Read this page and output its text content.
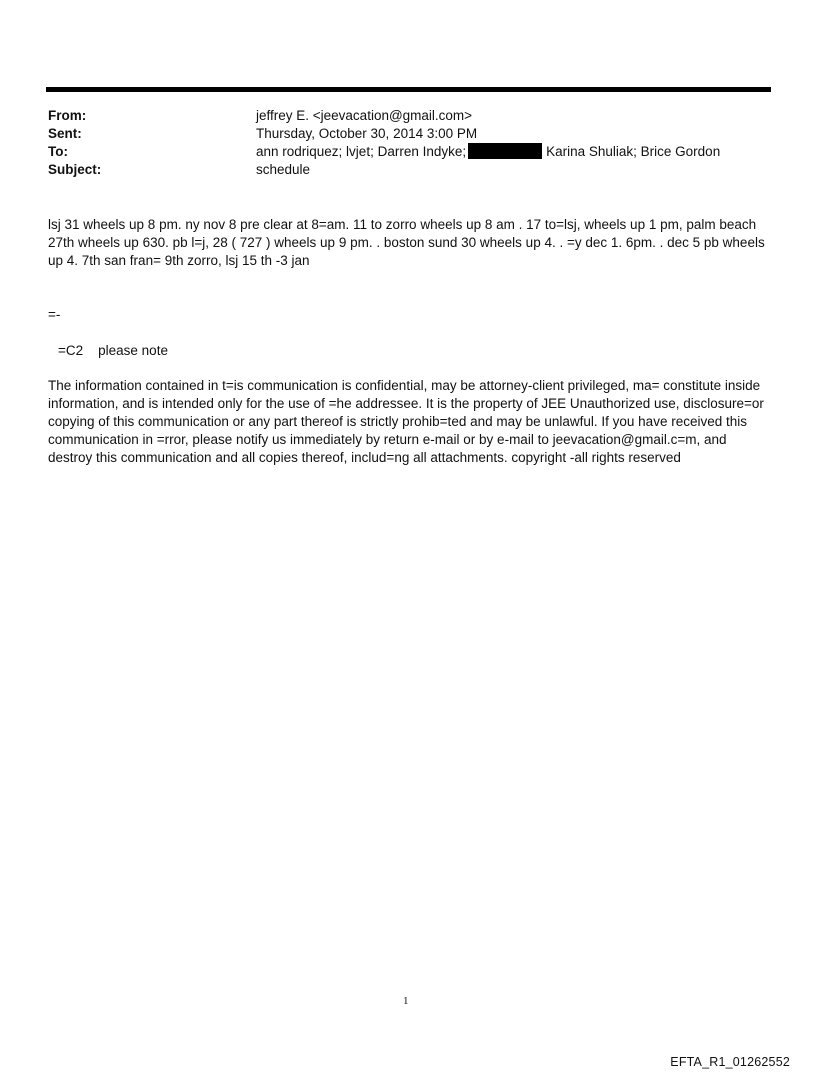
From:	jeffrey E. <jeevacation@gmail.com>
Sent:	Thursday, October 30, 2014 3:00 PM
To:	ann rodriquez; lvjet; Darren Indyke;	Karina Shuliak; Brice Gordon
Subject:	schedule
lsj 31 wheels up 8 pm. ny nov 8 pre clear at 8=am. 11 to zorro wheels up 8 am . 17 to=lsj, wheels up 1 pm, palm beach 27th wheels up 630. pb l=j, 28 ( 727 ) wheels up 9 pm. . boston sund 30 wheels up 4. . =y dec 1. 6pm. . dec 5 pb wheels up 4. 7th san fran= 9th zorro, lsj 15 th -3 jan
=-
=C2    please note
The information contained in t=is communication is confidential, may be attorney-client privileged, ma= constitute inside information, and is intended only for the use of =he addressee. It is the property of JEE Unauthorized use, disclosure=or copying of this communication or any part thereof is strictly prohib=ted and may be unlawful. If you have received this communication in =rror, please notify us immediately by return e-mail or by e-mail to jeevacation@gmail.c=m, and destroy this communication and all copies thereof, includ=ng all attachments. copyright -all rights reserved
1
EFTA_R1_01262552
